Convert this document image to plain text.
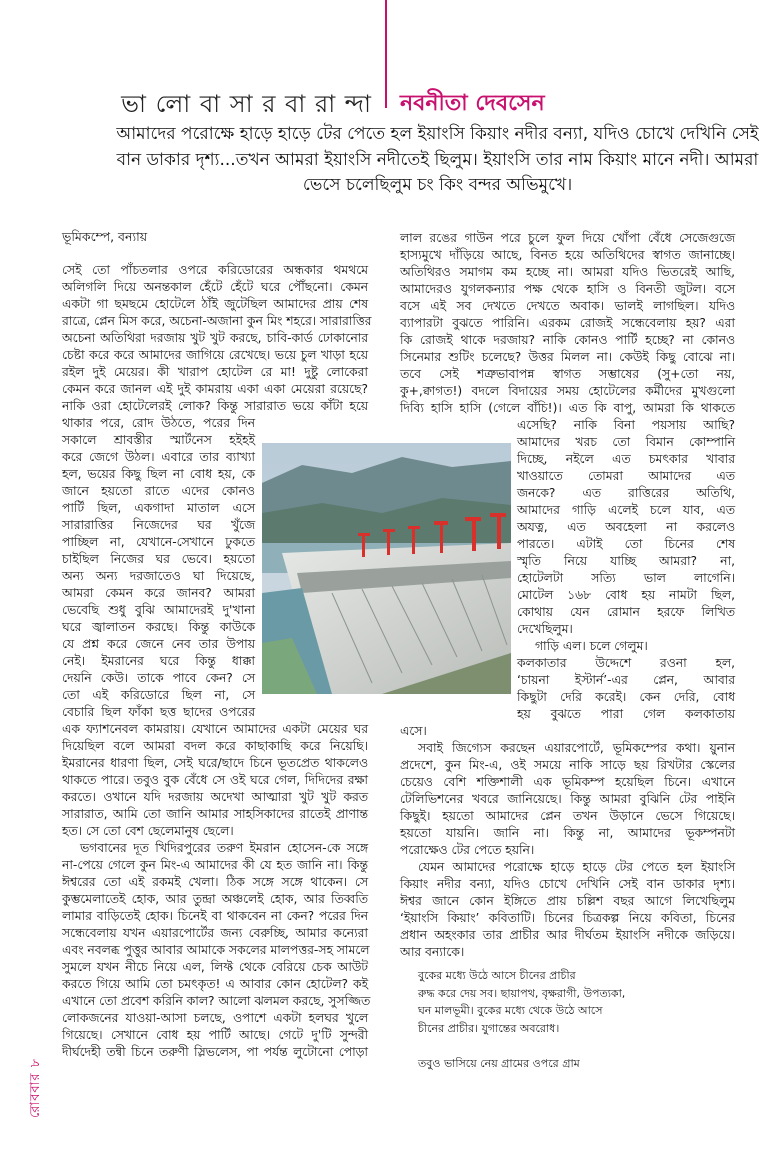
ভা লো বা সা র বা রা ন্দা নবনীতা দেবসেন
আমাদের পরোক্ষে হাড়ে হাড়ে টের পেতে হল ইয়াংসি কিয়াং নদীর বন্যা, যদিও চোখে দেখিনি সেই
বান ডাকার দৃশ্য...তখন আমরা ইয়াংসি নদীতেই ছিলুম। ইয়াংসি তার নাম কিয়াং মানে নদী। আমরা
ভেসে চলেছিলুম চং কিং বন্দর অভিমুখে।
ভূমিকম্পে, বন্যায়
সেই তো পাঁচতলার ওপরে করিডোরের অন্ধকার থমথমে
অলিগলি দিয়ে অনন্তকাল হেঁটে হেঁটে ঘরে পৌঁছনো। কেমন
একটা গা ছমছমে হোটেলে ঠাঁই জুটেছিল আমাদের প্রায় শেষ
রাত্রে, প্লেন মিস করে, অচেনা-অজানা কুন মিং শহরে। সারারাত্তির
অচেনা অতিথিরা দরজায় খুট খুট করছে, চাবি-কার্ড ঢোকানোর
চেষ্টা করে করে আমাদের জাগিয়ে রেখেছে। ভয়ে চুল খাড়া হয়ে
রইল দুই মেয়ের। কী খারাপ হোটেল রে মা! দুষ্টু লোকেরা
কেমন করে জানল এই দুই কামরায় একা একা মেয়েরা রয়েছে?
নাকি ওরা হোটেলেরই লোক? কিন্তু সারারাত ভয়ে কাঁটা হয়ে
থাকার পরে, রোদ উঠতে, পরের দিন
সকালে শ্রাবস্তীর স্মার্টনেস হইহই
করে জেগে উঠল। এবারে তার ব্যাখ্যা
হল, ভয়ের কিছু ছিল না বোধ হয়, কে
জানে হয়তো রাতে এদের কোনও
পার্টি ছিল, একগাদা মাতাল এসে
সারারাত্তির নিজেদের ঘর খুঁজে
পাচ্ছিল না, যেখানে-সেখানে ঢুকতে
চাইছিল নিজের ঘর ভেবে। হয়তো
অন্য অন্য দরজাতেও ঘা দিয়েছে,
আমরা কেমন করে জানব? আমরা
ভেবেছি শুধু বুঝি আমাদেরই দু'খানা
ঘরে জ্বালাতন করছে। কিন্তু কাউকে
যে প্রশ্ন করে জেনে নেব তার উপায়
নেই। ইমরানের ঘরে কিন্তু ধাক্কা
দেয়নি কেউ। তাকে পাবে কেন? সে
তো এই করিডোরে ছিল না, সে
বেচারি ছিল ফাঁকা ছত্ত ছাদের ওপরের
এক ফ্যাশনেবল কামরায়। যেখানে আমাদের একটা মেয়ের ঘর
দিয়েছিল বলে আমরা বদল করে কাছাকাছি করে নিয়েছি।
ইমরানের ধারণা ছিল, সেই ঘরে/ছাদে চিনে ভূতপ্রেত থাকলেও
থাকতে পারে। তবুও বুক বেঁধে সে ওই ঘরে গেল, দিদিদের রক্ষা
করতে। ওখানে যদি দরজায় অদেখা আত্মারা খুট খুট করত
সারারাত, আমি তো জানি আমার সাহসিকাদের রাতেই প্রাণান্ত
হত। সে তো বেশ ছেলেমানুষ ছেলে।
ভগবানের দূত খিদিরপুরের তরুণ ইমরান হোসেন-কে সঙ্গে
না-পেয়ে গেলে কুন মিং-এ আমাদের কী যে হত জানি না। কিন্তু
ঈশ্বরের তো এই রকমই খেলা। ঠিক সঙ্গে সঙ্গে থাকেন। সে
কুম্ভমেলাতেই হোক, আর তুন্দ্রা অঞ্চলেই হোক, আর তিব্বতি
লামার বাড়িতেই হোক। চিনেই বা থাকবেন না কেন? পরের দিন
সন্ধেবেলায় যখন এয়ারপোর্টের জন্য বেরুচ্ছি, আমার কন্যেরা
এবং নবলব্ধ পুত্তুর আবার আমাকে সকলের মালপত্তর-সহ সামলে
সুমলে যখন নীচে নিয়ে এল, লিফ্ট থেকে বেরিয়ে চেক আউট
করতে গিয়ে আমি তো চমৎকৃত! এ আবার কোন হোটেল? কই
এখানে তো প্রবেশ করিনি কাল? আলো ঝলমল করছে, সুসজ্জিত
লোকজনের যাওয়া-আসা চলছে, ওপাশে একটা হলঘর খুলে
গিয়েছে। সেখানে বোধ হয় পার্টি আছে। গেটে দু'টি সুন্দরী
দীর্ঘদেহী তন্বী চিনে তরুণী স্লিভলেস, পা পর্যন্ত লুটোনো পোড়া
লাল রঙের গাউন পরে চুলে ফুল দিয়ে খোঁপা বেঁধে সেজেগুজে
হাস্যমুখে দাঁড়িয়ে আছে, বিনত হয়ে অতিথিদের স্বাগত জানাচ্ছে।
অতিথিরও সমাগম কম হচ্ছে না। আমরা যদিও ভিতরেই আছি,
আমাদেরও যুগলকন্যার পক্ষ থেকে হাসি ও বিনতী জুটল। বসে
বসে এই সব দেখতে দেখতে অবাক। ভালই লাগছিল। যদিও
ব্যাপারটা বুঝতে পারিনি। এরকম রোজই সন্ধেবেলায় হয়? এরা
কি রোজই থাকে দরজায়? নাকি কোনও পার্টি হচ্ছে? না কোনও
সিনেমার শুটিং চলেছে? উত্তর মিলল না। কেউই কিছু বোঝে না।
তবে সেই শত্রুভাবাপন্ন স্বাগত সম্ভাষের (সু+তো নয়,
কু+,ক্বাগত!) বদলে বিদায়ের সময় হোটেলের কর্মীদের মুখগুলো
দিব্যি হাসি হাসি (গেলে বাঁচি!)। এত কি বাপু, আমরা কি থাকতে
এসেছি? নাকি বিনা পয়সায় আছি?
আমাদের খরচ তো বিমান কোম্পানি
দিচ্ছে, নইলে এত চমৎকার খাবার
খাওয়াতে তোমরা আমাদের এত
জনকে? এত রাত্তিরের অতিথি,
আমাদের গাড়ি এলেই চলে যাব, এত
অযত্ন, এত অবহেলা না করলেও
পারতে। এটাই তো চিনের শেষ
স্মৃতি নিয়ে যাচ্ছি আমরা? না,
হোটেলটা সত্যি ভাল লাগেনি।
মোটেল ১৬৮ বোধ হয় নামটা ছিল,
কোথায় যেন রোমান হরফে লিখিত
দেখেছিলুম।
গাড়ি এল। চলে গেলুম।
কলকাতার উদ্দেশে রওনা হল,
‘চায়না ইস্টার্ন’-এর প্লেন, আবার
কিছুটা দেরি করেই। কেন দেরি, বোধ
হয় বুঝতে পারা গেল কলকাতায়
এসে।
সবাই জিগ্যেস করছেন এয়ারপোর্টে, ভূমিকম্পের কথা। য়ুনান
প্রদেশে, কুন মিং-এ, ওই সময়ে নাকি সাড়ে ছয় রিখটার স্কেলের
চেয়েও বেশি শক্তিশালী এক ভূমিকম্প হয়েছিল চিনে। এখানে
টেলিভিশনের খবরে জানিয়েছে। কিন্তু আমরা বুঝিনি টের পাইনি
কিছুই। হয়তো আমাদের প্লেন তখন উড়ানে ভেসে গিয়েছে।
হয়তো যায়নি। জানি না। কিন্তু না, আমাদের ভূকম্পনটা
পরোক্ষেও টের পেতে হয়নি।
যেমন আমাদের পরোক্ষে হাড়ে হাড়ে টের পেতে হল ইয়াংসি
কিয়াং নদীর বন্যা, যদিও চোখে দেখিনি সেই বান ডাকার দৃশ্য।
ঈশ্বর জানে কোন ইঙ্গিতে প্রায় চল্লিশ বছর আগে লিখেছিলুম
‘ইয়াংসি কিয়াং’ কবিতাটি। চিনের চিত্রকল্প নিয়ে কবিতা, চিনের
প্রধান অহংকার তার প্রাচীর আর দীর্ঘতম ইয়াংসি নদীকে জড়িয়ে।
আর বন্যাকে।
বুকের মধ্যে উঠে আসে চীনের প্রাচীর
রুদ্ধ করে দেয় সব। ছায়াপথ, বৃক্ষরাগী, উপত্যকা,
ঘন মালভূমী। বুকের মধ্যে থেকে উঠে আসে
চীনের প্রাচীর। যুগান্তের অবরোধ।
তবুও ভাসিয়ে নেয় গ্রামের ওপরে গ্রাম
রোববার ৮
